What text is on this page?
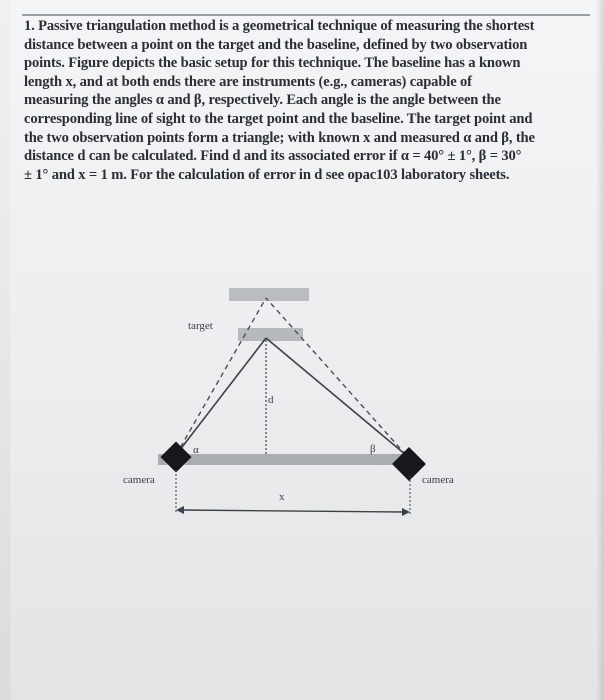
1. Passive triangulation method is a geometrical technique of measuring the shortest
distance between a point on the target and the baseline, defined by two observation
points. Figure depicts the basic setup for this technique. The baseline has a known
length x, and at both ends there are instruments (e.g., cameras) capable of
measuring the angles α and β, respectively. Each angle is the angle between the
corresponding line of sight to the target point and the baseline. The target point and
the two observation points form a triangle; with known x and measured α and β, the
distance d can be calculated. Find d and its associated error if α = 40° ± 1°, β = 30°
± 1° and x = 1 m. For the calculation of error in d see opac103 laboratory sheets.
target
d
α	β
camera	camera
x
